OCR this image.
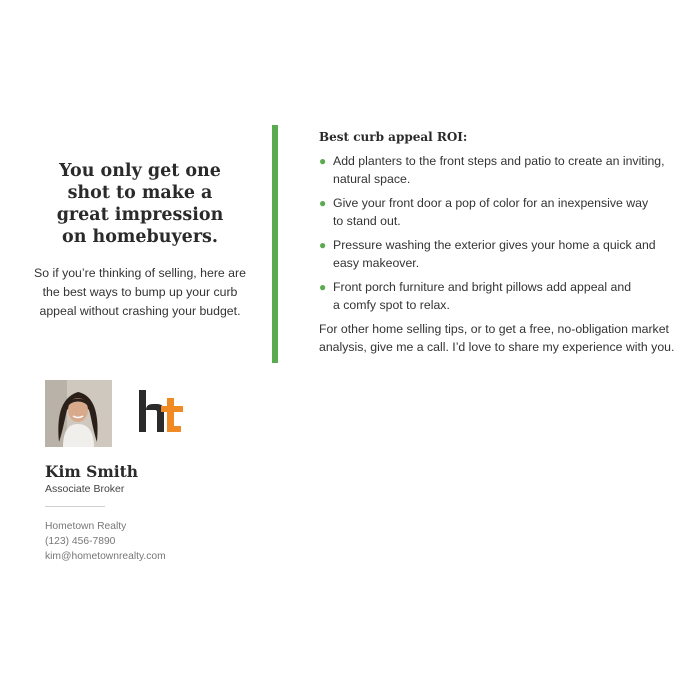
You only get one
shot to make a
great impression
on homebuyers.

So if you’re thinking of selling, here are
the best ways to bump up your curb
appeal without crashing your budget.

Best curb appeal ROI:
● Add planters to the front steps and patio to create an inviting,
natural space.
● Give your front door a pop of color for an inexpensive way
to stand out.
● Pressure washing the exterior gives your home a quick and
easy makeover.
● Front porch furniture and bright pillows add appeal and
a comfy spot to relax.

For other home selling tips, or to get a free, no-obligation market
analysis, give me a call. I’d love to share my experience with you.

Kim Smith
Associate Broker
Hometown Realty
(123) 456-7890
kim@hometownrealty.com
